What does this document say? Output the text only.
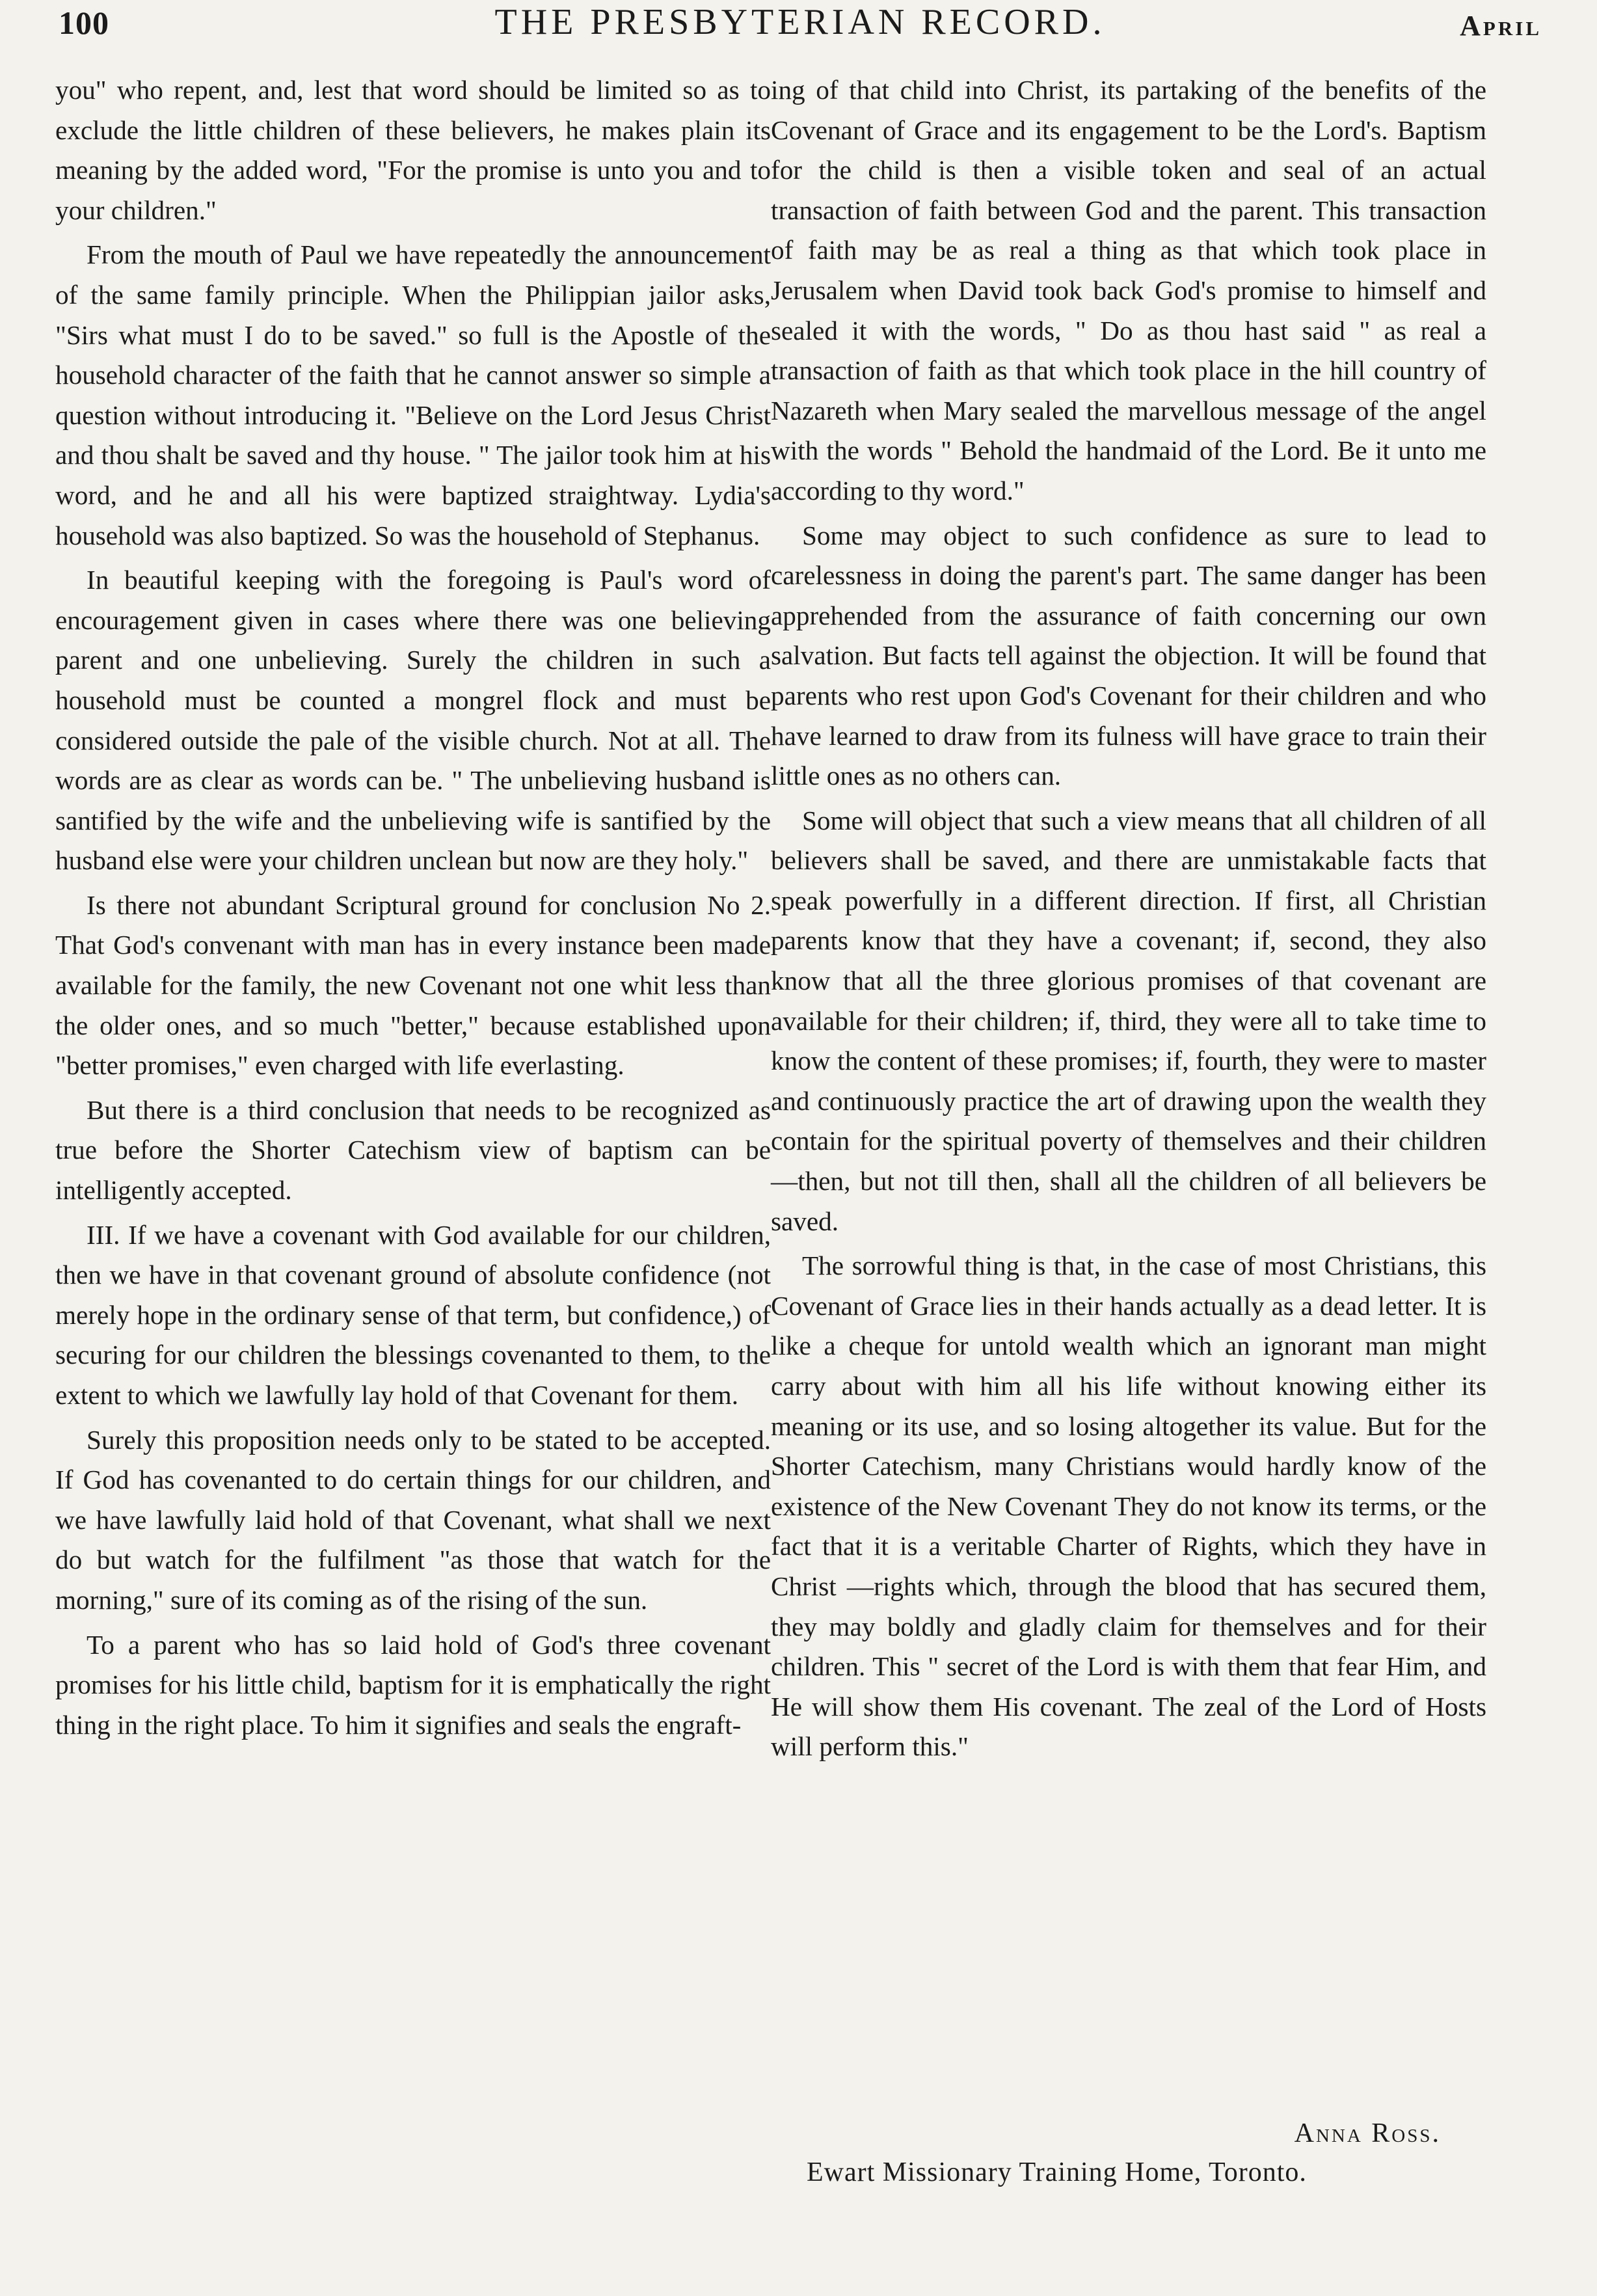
100	THE PRESBYTERIAN RECORD.	April

you" who repent, and, lest that word should be limited so as to exclude the little children of these believers, he makes plain its meaning by the added word, "For the promise is unto you and to your children."

From the mouth of Paul we have repeatedly the announcement of the same family principle. When the Philippian jailor asks, "Sirs what must I do to be saved." so full is the Apostle of the household character of the faith that he cannot answer so simple a question without introducing it. "Believe on the Lord Jesus Christ and thou shalt be saved and thy house. " The jailor took him at his word, and he and all his were baptized straightway. Lydia's household was also baptized. So was the household of Stephanus.

In beautiful keeping with the foregoing is Paul's word of encouragement given in cases where there was one believing parent and one unbelieving. Surely the children in such a household must be counted a mongrel flock and must be considered outside the pale of the visible church. Not at all. The words are as clear as words can be. " The unbelieving husband is santified by the wife and the unbelieving wife is santified by the husband else were your children unclean but now are they holy."

Is there not abundant Scriptural ground for conclusion No 2. That God's convenant with man has in every instance been made available for the family, the new Covenant not one whit less than the older ones, and so much "better," because established upon "better promises," even charged with life everlasting.

But there is a third conclusion that needs to be recognized as true before the Shorter Catechism view of baptism can be intelligently accepted.

III. If we have a covenant with God available for our children, then we have in that covenant ground of absolute confidence (not merely hope in the ordinary sense of that term, but confidence,) of securing for our children the blessings covenanted to them, to the extent to which we lawfully lay hold of that Covenant for them.

Surely this proposition needs only to be stated to be accepted. If God has covenanted to do certain things for our children, and we have lawfully laid hold of that Covenant, what shall we next do but watch for the fulfilment "as those that watch for the morning," sure of its coming as of the rising of the sun.

To a parent who has so laid hold of God's three covenant promises for his little child, baptism for it is emphatically the right thing in the right place. To him it signifies and seals the engraft-

ing of that child into Christ, its partaking of the benefits of the Covenant of Grace and its engagement to be the Lord's. Baptism for the child is then a visible token and seal of an actual transaction of faith between God and the parent. This transaction of faith may be as real a thing as that which took place in Jerusalem when David took back God's promise to himself and sealed it with the words, " Do as thou hast said " as real a transaction of faith as that which took place in the hill country of Nazareth when Mary sealed the marvellous message of the angel with the words " Behold the handmaid of the Lord. Be it unto me according to thy word."

Some may object to such confidence as sure to lead to carelessness in doing the parent's part. The same danger has been apprehended from the assurance of faith concerning our own salvation. But facts tell against the objection. It will be found that parents who rest upon God's Covenant for their children and who have learned to draw from its fulness will have grace to train their little ones as no others can.

Some will object that such a view means that all children of all believers shall be saved, and there are unmistakable facts that speak powerfully in a different direction. If first, all Christian parents know that they have a covenant; if, second, they also know that all the three glorious promises of that covenant are available for their children; if, third, they were all to take time to know the content of these promises; if, fourth, they were to master and continuously practice the art of drawing upon the wealth they contain for the spiritual poverty of themselves and their children—then, but not till then, shall all the children of all believers be saved.

The sorrowful thing is that, in the case of most Christians, this Covenant of Grace lies in their hands actually as a dead letter. It is like a cheque for untold wealth which an ignorant man might carry about with him all his life without knowing either its meaning or its use, and so losing altogether its value. But for the Shorter Catechism, many Christians would hardly know of the existence of the New Covenant They do not know its terms, or the fact that it is a veritable Charter of Rights, which they have in Christ —rights which, through the blood that has secured them, they may boldly and gladly claim for themselves and for their children. This " secret of the Lord is with them that fear Him, and He will show them His covenant. The zeal of the Lord of Hosts will perform this."

Anna Ross.
Ewart Missionary Training Home, Toronto.
